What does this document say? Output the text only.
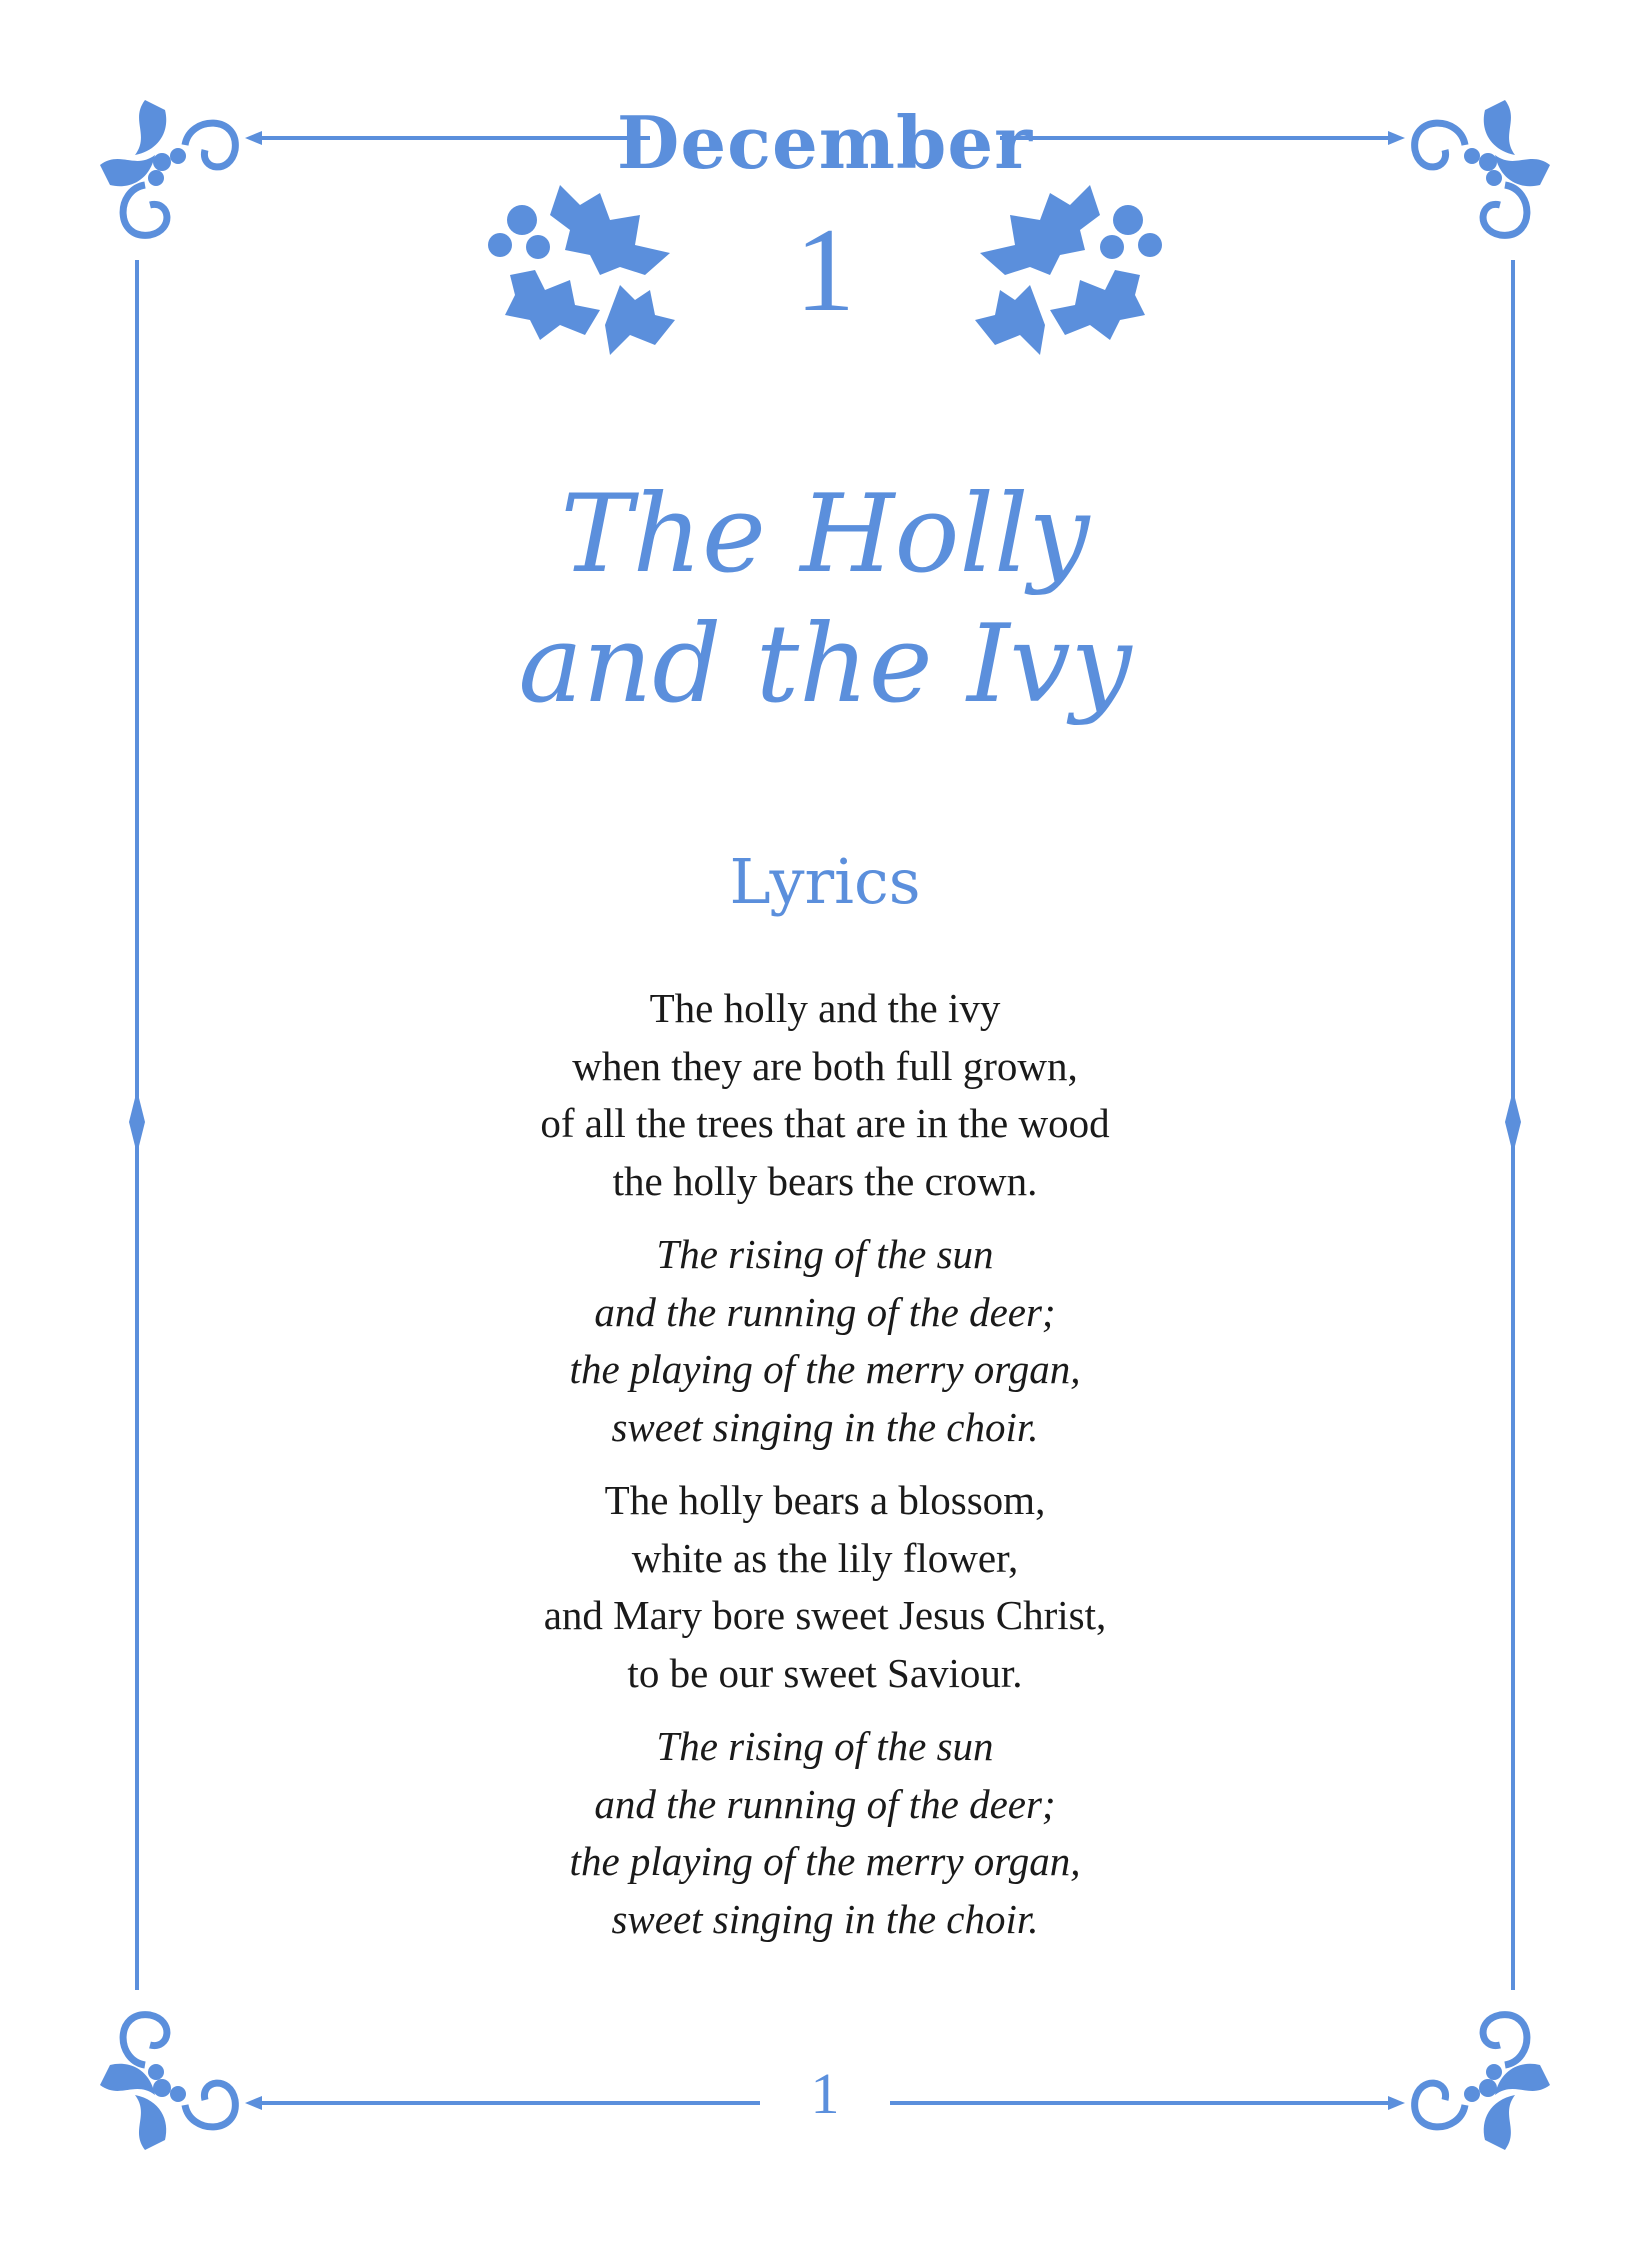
December
1
The Holly
and the Ivy
Lyrics
The holly and the ivy
when they are both full grown,
of all the trees that are in the wood
the holly bears the crown.
The rising of the sun
and the running of the deer;
the playing of the merry organ,
sweet singing in the choir.
The holly bears a blossom,
white as the lily flower,
and Mary bore sweet Jesus Christ,
to be our sweet Saviour.
The rising of the sun
and the running of the deer;
the playing of the merry organ,
sweet singing in the choir.
1
